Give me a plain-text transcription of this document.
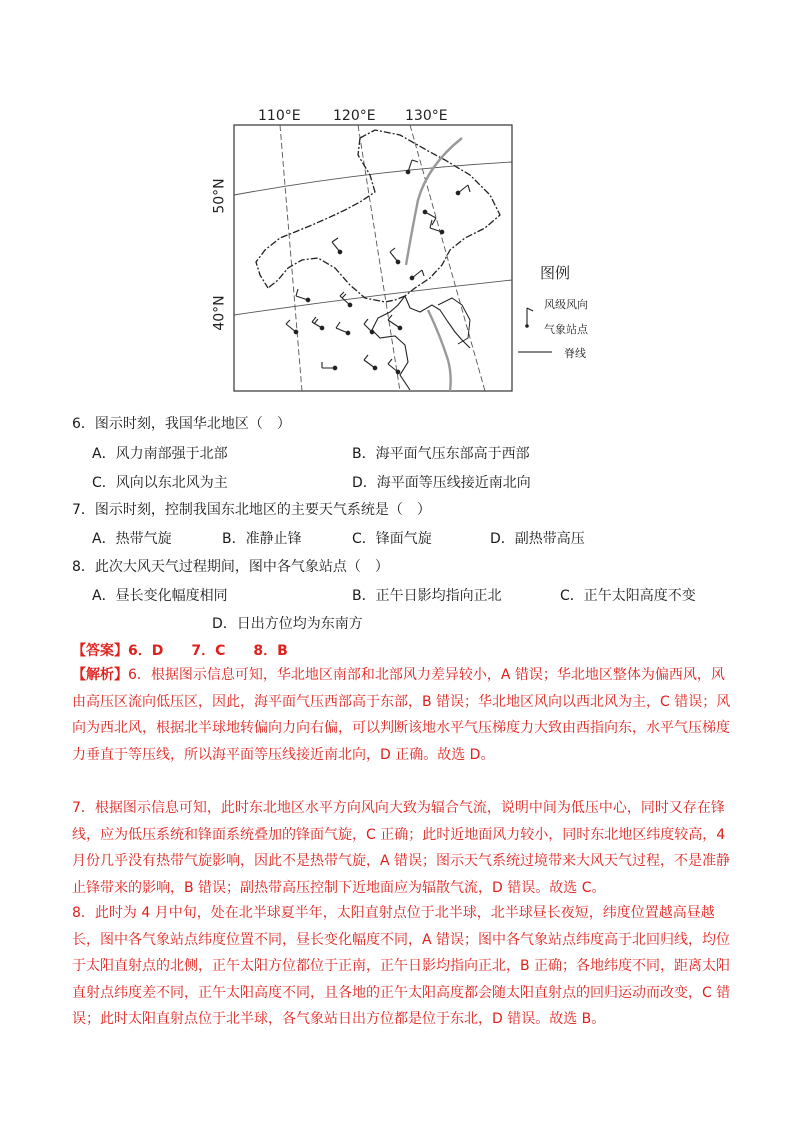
110°E 120°E 130°E
50°N
40°N
图例
风级风向
气象站点
脊线
6．图示时刻，我国华北地区（　）
A．风力南部强于北部	B．海平面气压东部高于西部
C．风向以东北风为主	D．海平面等压线接近南北向
7．图示时刻，控制我国东北地区的主要天气系统是（　）
A．热带气旋	B．准静止锋	C．锋面气旋	D．副热带高压
8．此次大风天气过程期间，图中各气象站点（　）
A．昼长变化幅度相同	B．正午日影均指向正北	C．正午太阳高度不变
D．日出方位均为东南方
【答案】6．D　　7．C　　8．B
【解析】6．根据图示信息可知，华北地区南部和北部风力差异较小，A 错误；华北地区整体为偏西风，风由高压区流向低压区，因此，海平面气压西部高于东部，B 错误；华北地区风向以西北风为主，C 错误；风向为西北风，根据北半球地转偏向力向右偏，可以判断该地水平气压梯度力大致由西指向东，水平气压梯度力垂直于等压线，所以海平面等压线接近南北向，D 正确。故选 D。
7．根据图示信息可知，此时东北地区水平方向风向大致为辐合气流，说明中间为低压中心，同时又存在锋线，应为低压系统和锋面系统叠加的锋面气旋，C 正确；此时近地面风力较小，同时东北地区纬度较高，4 月份几乎没有热带气旋影响，因此不是热带气旋，A 错误；图示天气系统过境带来大风天气过程，不是准静止锋带来的影响，B 错误；副热带高压控制下近地面应为辐散气流，D 错误。故选 C。
8．此时为 4 月中旬，处在北半球夏半年，太阳直射点位于北半球，北半球昼长夜短，纬度位置越高昼越长，图中各气象站点纬度位置不同，昼长变化幅度不同，A 错误；图中各气象站点纬度高于北回归线，均位于太阳直射点的北侧，正午太阳方位都位于正南，正午日影均指向正北，B 正确；各地纬度不同，距离太阳直射点纬度差不同，正午太阳高度不同，且各地的正午太阳高度都会随太阳直射点的回归运动而改变，C 错误；此时太阳直射点位于北半球，各气象站日出方位都是位于东北，D 错误。故选 B。
